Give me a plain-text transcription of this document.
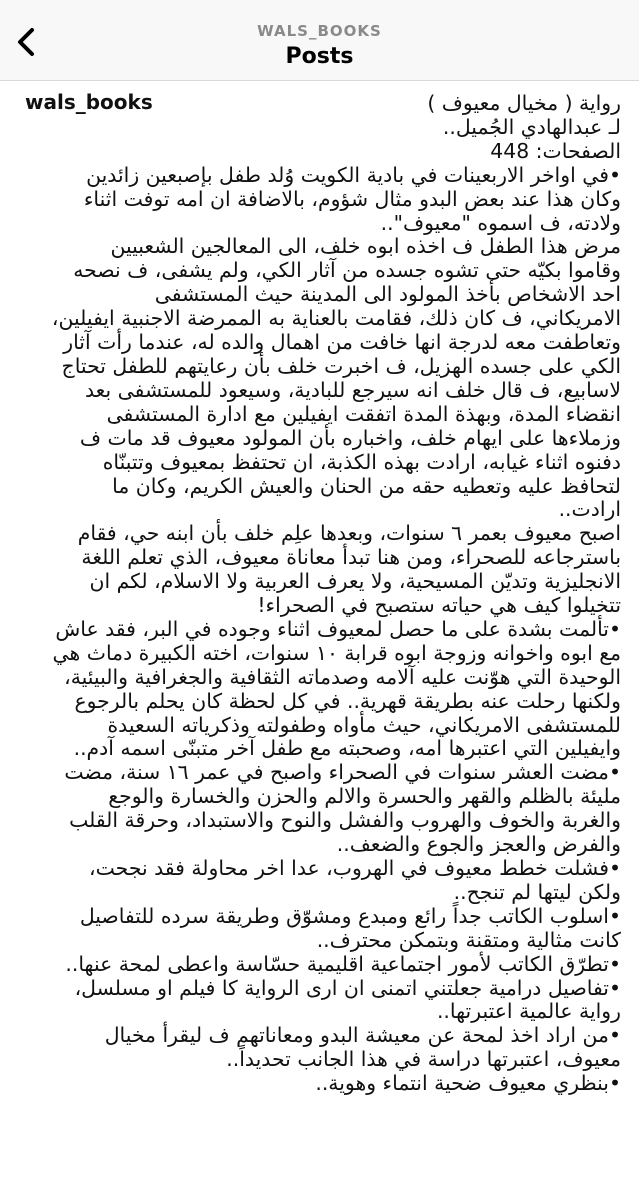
WALS_BOOKS
Posts
wals_books	رواية ( مخيال معيوف )

لـ عبدالهادي الجُميل..

الصفحات: 448

•في اواخر الاربعينات في بادية الكويت وُلد طفل بإصبعين زائدين

وكان هذا عند بعض البدو مثال شؤوم، بالاضافة ان امه توفت اثناء

ولادته، ف اسموه "معيوف"..

مرض هذا الطفل ف اخذه ابوه خلف، الى المعالجين الشعبيين

وقاموا بكيّه حتى تشوه جسده من آثار الكي، ولم يشفى، ف نصحه

احد الاشخاص بأخذ المولود الى المدينة حيث المستشفى

الامريكاني، ف كان ذلك، فقامت بالعناية به الممرضة الاجنبية ايفيلين،

وتعاطفت معه لدرجة انها خافت من اهمال والده له، عندما رأت آثار

الكي على جسده الهزيل، ف اخبرت خلف بأن رعايتهم للطفل تحتاج

لاسابيع، ف قال خلف انه سيرجع للبادية، وسيعود للمستشفى بعد

انقضاء المدة، وبهذة المدة اتفقت ايفيلين مع ادارة المستشفى

وزملاءها على ايهام خلف، واخباره بأن المولود معيوف قد مات ف

دفنوه اثناء غيابه، ارادت بهذه الكذبة، ان تحتفظ بمعيوف وتتبنّاه

لتحافظ عليه وتعطيه حقه من الحنان والعيش الكريم، وكان ما

ارادت..

اصبح معيوف بعمر ٦ سنوات، وبعدها علِم خلف بأن ابنه حي، فقام

باسترجاعه للصحراء، ومن هنا تبدأ معاناة معيوف، الذي تعلم اللغة

الانجليزية وتديّن المسيحية، ولا يعرف العربية ولا الاسلام، لكم ان

تتخيلوا كيف هي حياته ستصبح في الصحراء!

•تألمت بشدة على ما حصل لمعيوف اثناء وجوده في البر، فقد عاش

مع ابوه واخوانه وزوجة ابوه قرابة ١٠ سنوات، اخته الكبيرة دماث هي

الوحيدة التي هوّنت عليه آلامه وصدماته الثقافية والجغرافية والبيئية،

ولكنها رحلت عنه بطريقة قهرية.. في كل لحظة كان يحلم بالرجوع

للمستشفى الامريكاني، حيث مأواه وطفولته وذكرياته السعيدة

وايفيلين التي اعتبرها امه، وصحبته مع طفل آخر متبنّى اسمه آدم..

•مضت العشر سنوات في الصحراء واصبح في عمر ١٦ سنة، مضت

مليئة بالظلم والقهر والحسرة والالم والحزن والخسارة والوجع

والغربة والخوف والهروب والفشل والنوح والاستبداد، وحرقة القلب

والفرض والعجز والجوع والضعف..

•فشلت خطط معيوف في الهروب، عدا اخر محاولة فقد نجحت،

ولكن ليتها لم تنجح..

•اسلوب الكاتب جداً رائع ومبدع ومشوّق وطريقة سرده للتفاصيل

كانت مثالية ومتقنة وبتمكن محترف..

•تطرّق الكاتب لأمور اجتماعية اقليمية حسّاسة واعطى لمحة عنها..

•تفاصيل درامية جعلتني اتمنى ان ارى الرواية كا فيلم او مسلسل،

رواية عالمية اعتبرتها..

•من اراد اخذ لمحة عن معيشة البدو ومعاناتهم ف ليقرأ مخيال

معيوف، اعتبرتها دراسة في هذا الجانب تحديداً..

•بنظري معيوف ضحية انتماء وهوية..
